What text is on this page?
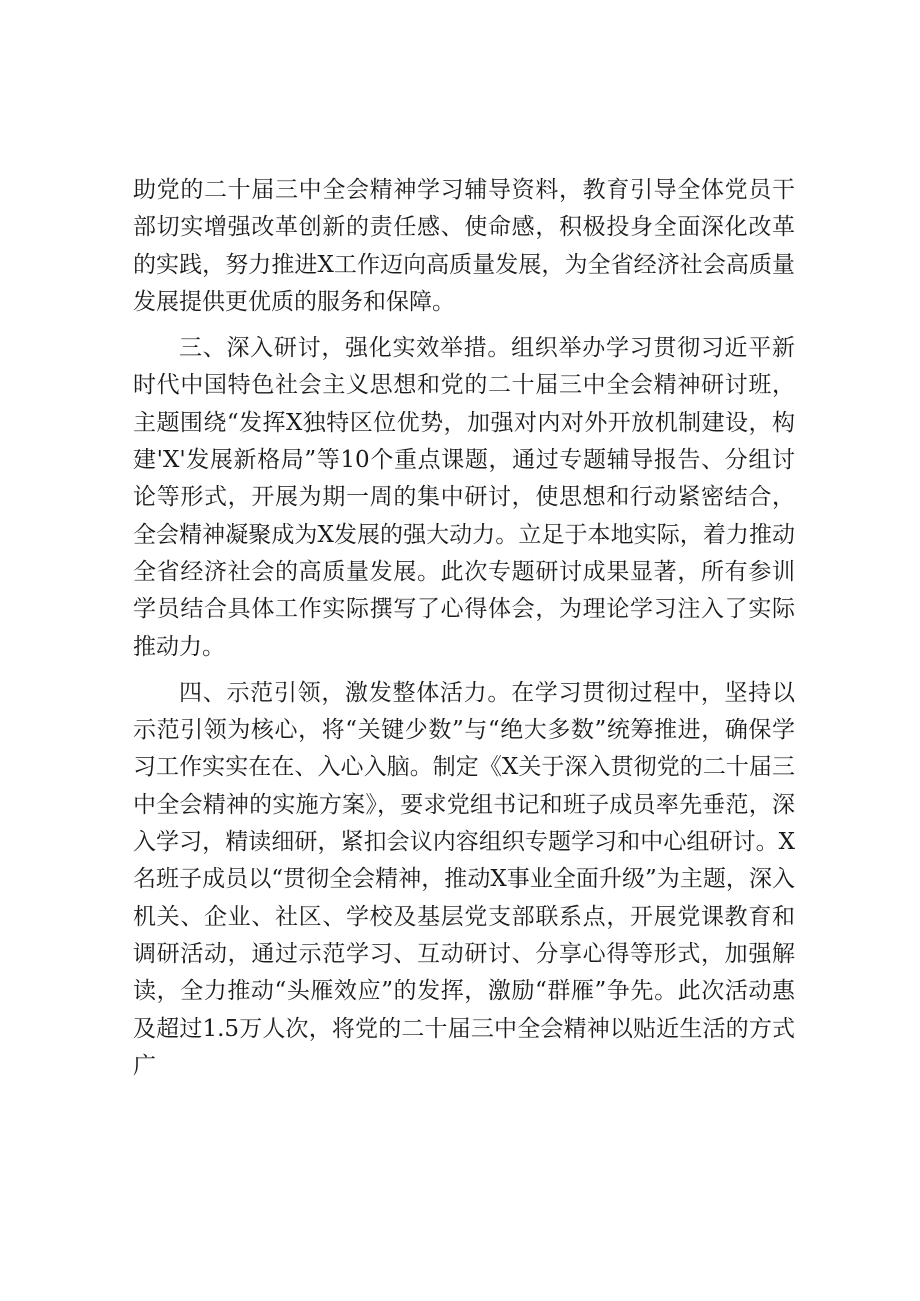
助党的二十届三中全会精神学习辅导资料，教育引导全体党员干部切实增强改革创新的责任感、使命感，积极投身全面深化改革的实践，努力推进X工作迈向高质量发展，为全省经济社会高质量发展提供更优质的服务和保障。

三、深入研讨，强化实效举措。组织举办学习贯彻习近平新时代中国特色社会主义思想和党的二十届三中全会精神研讨班，主题围绕“发挥X独特区位优势，加强对内对外开放机制建设，构建'X'发展新格局”等10个重点课题，通过专题辅导报告、分组讨论等形式，开展为期一周的集中研讨，使思想和行动紧密结合，全会精神凝聚成为X发展的强大动力。立足于本地实际，着力推动全省经济社会的高质量发展。此次专题研讨成果显著，所有参训学员结合具体工作实际撰写了心得体会，为理论学习注入了实际推动力。

四、示范引领，激发整体活力。在学习贯彻过程中，坚持以示范引领为核心，将“关键少数”与“绝大多数”统筹推进，确保学习工作实实在在、入心入脑。制定《X关于深入贯彻党的二十届三中全会精神的实施方案》，要求党组书记和班子成员率先垂范，深入学习，精读细研，紧扣会议内容组织专题学习和中心组研讨。X名班子成员以“贯彻全会精神，推动X事业全面升级”为主题，深入机关、企业、社区、学校及基层党支部联系点，开展党课教育和调研活动，通过示范学习、互动研讨、分享心得等形式，加强解读，全力推动“头雁效应”的发挥，激励“群雁”争先。此次活动惠及超过1.5万人次，将党的二十届三中全会精神以贴近生活的方式广
